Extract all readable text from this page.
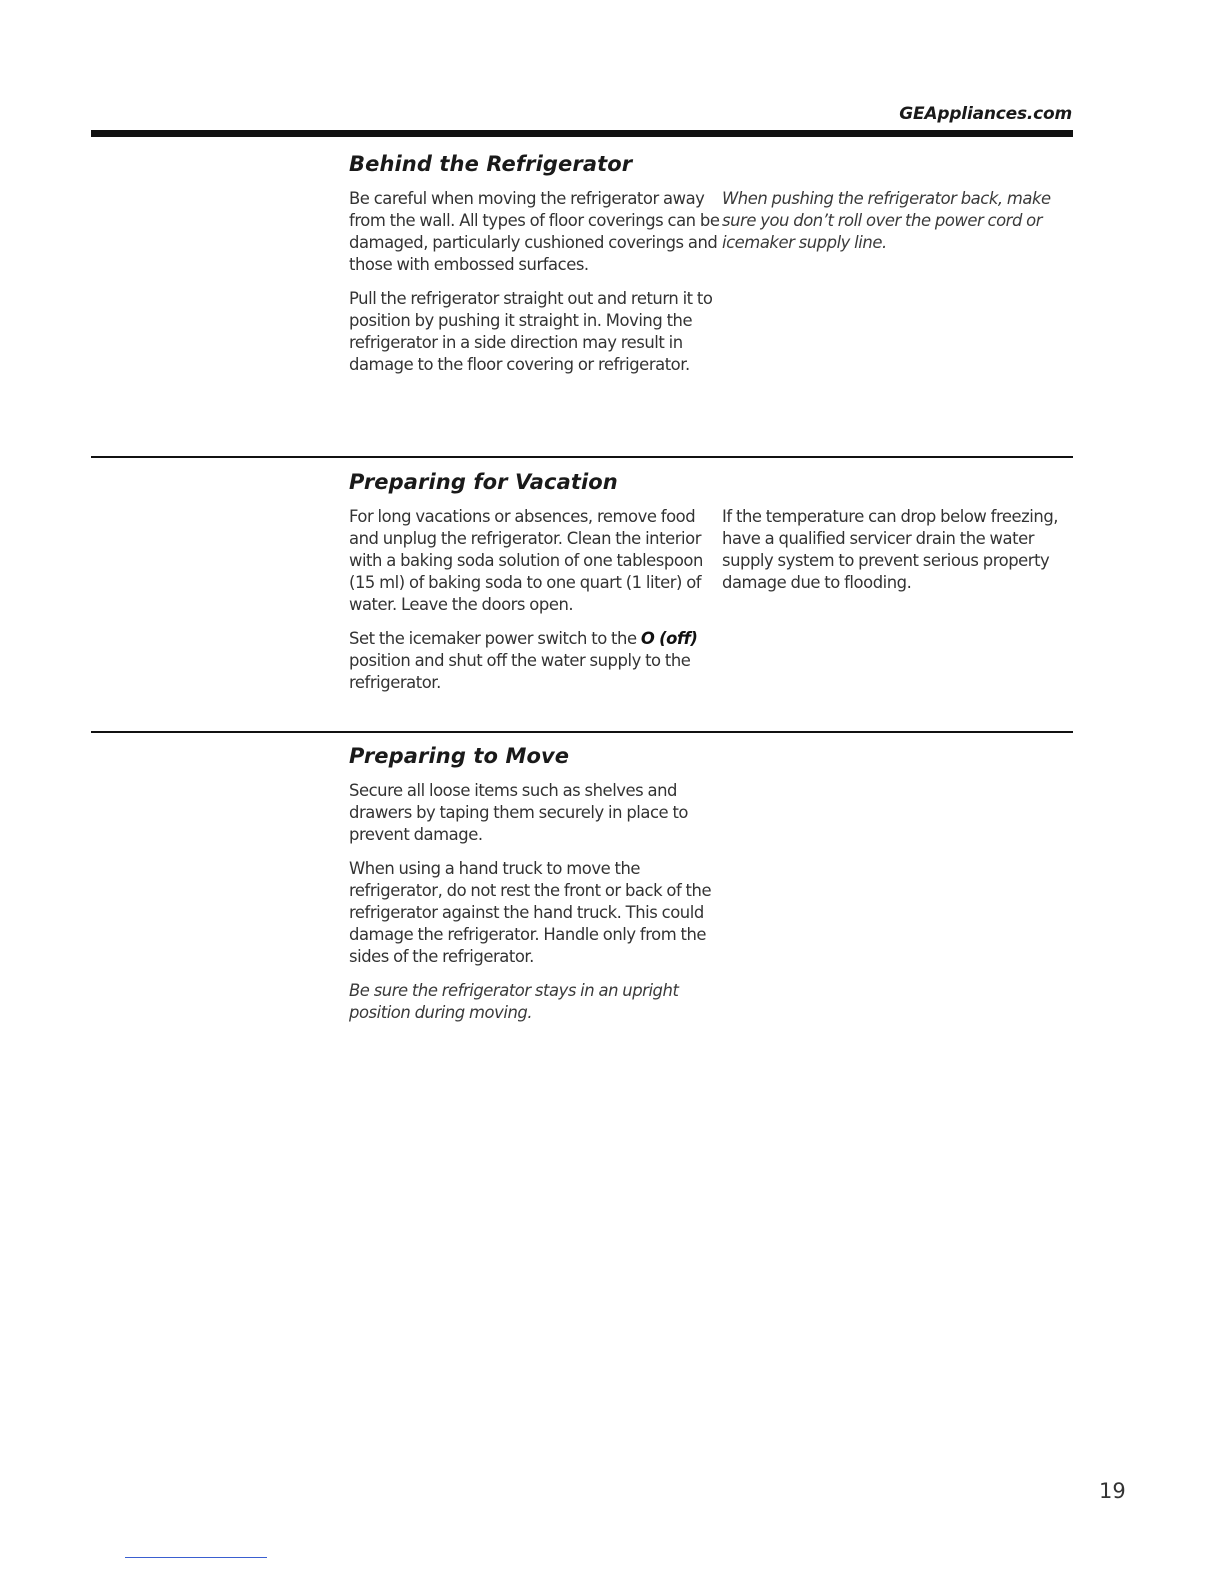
GEAppliances.com
Behind the Refrigerator

Be careful when moving the refrigerator away from the wall. All types of floor coverings can be damaged, particularly cushioned coverings and those with embossed surfaces.

Pull the refrigerator straight out and return it to position by pushing it straight in. Moving the refrigerator in a side direction may result in damage to the floor covering or refrigerator.

When pushing the refrigerator back, make sure you don’t roll over the power cord or icemaker supply line.

Preparing for Vacation

For long vacations or absences, remove food and unplug the refrigerator. Clean the interior with a baking soda solution of one tablespoon (15 ml) of baking soda to one quart (1 liter) of water. Leave the doors open.

Set the icemaker power switch to the O (off) position and shut off the water supply to the refrigerator.

If the temperature can drop below freezing, have a qualified servicer drain the water supply system to prevent serious property damage due to flooding.

Preparing to Move

Secure all loose items such as shelves and drawers by taping them securely in place to prevent damage.

When using a hand truck to move the refrigerator, do not rest the front or back of the refrigerator against the hand truck. This could damage the refrigerator. Handle only from the sides of the refrigerator.

Be sure the refrigerator stays in an upright position during moving.

19
